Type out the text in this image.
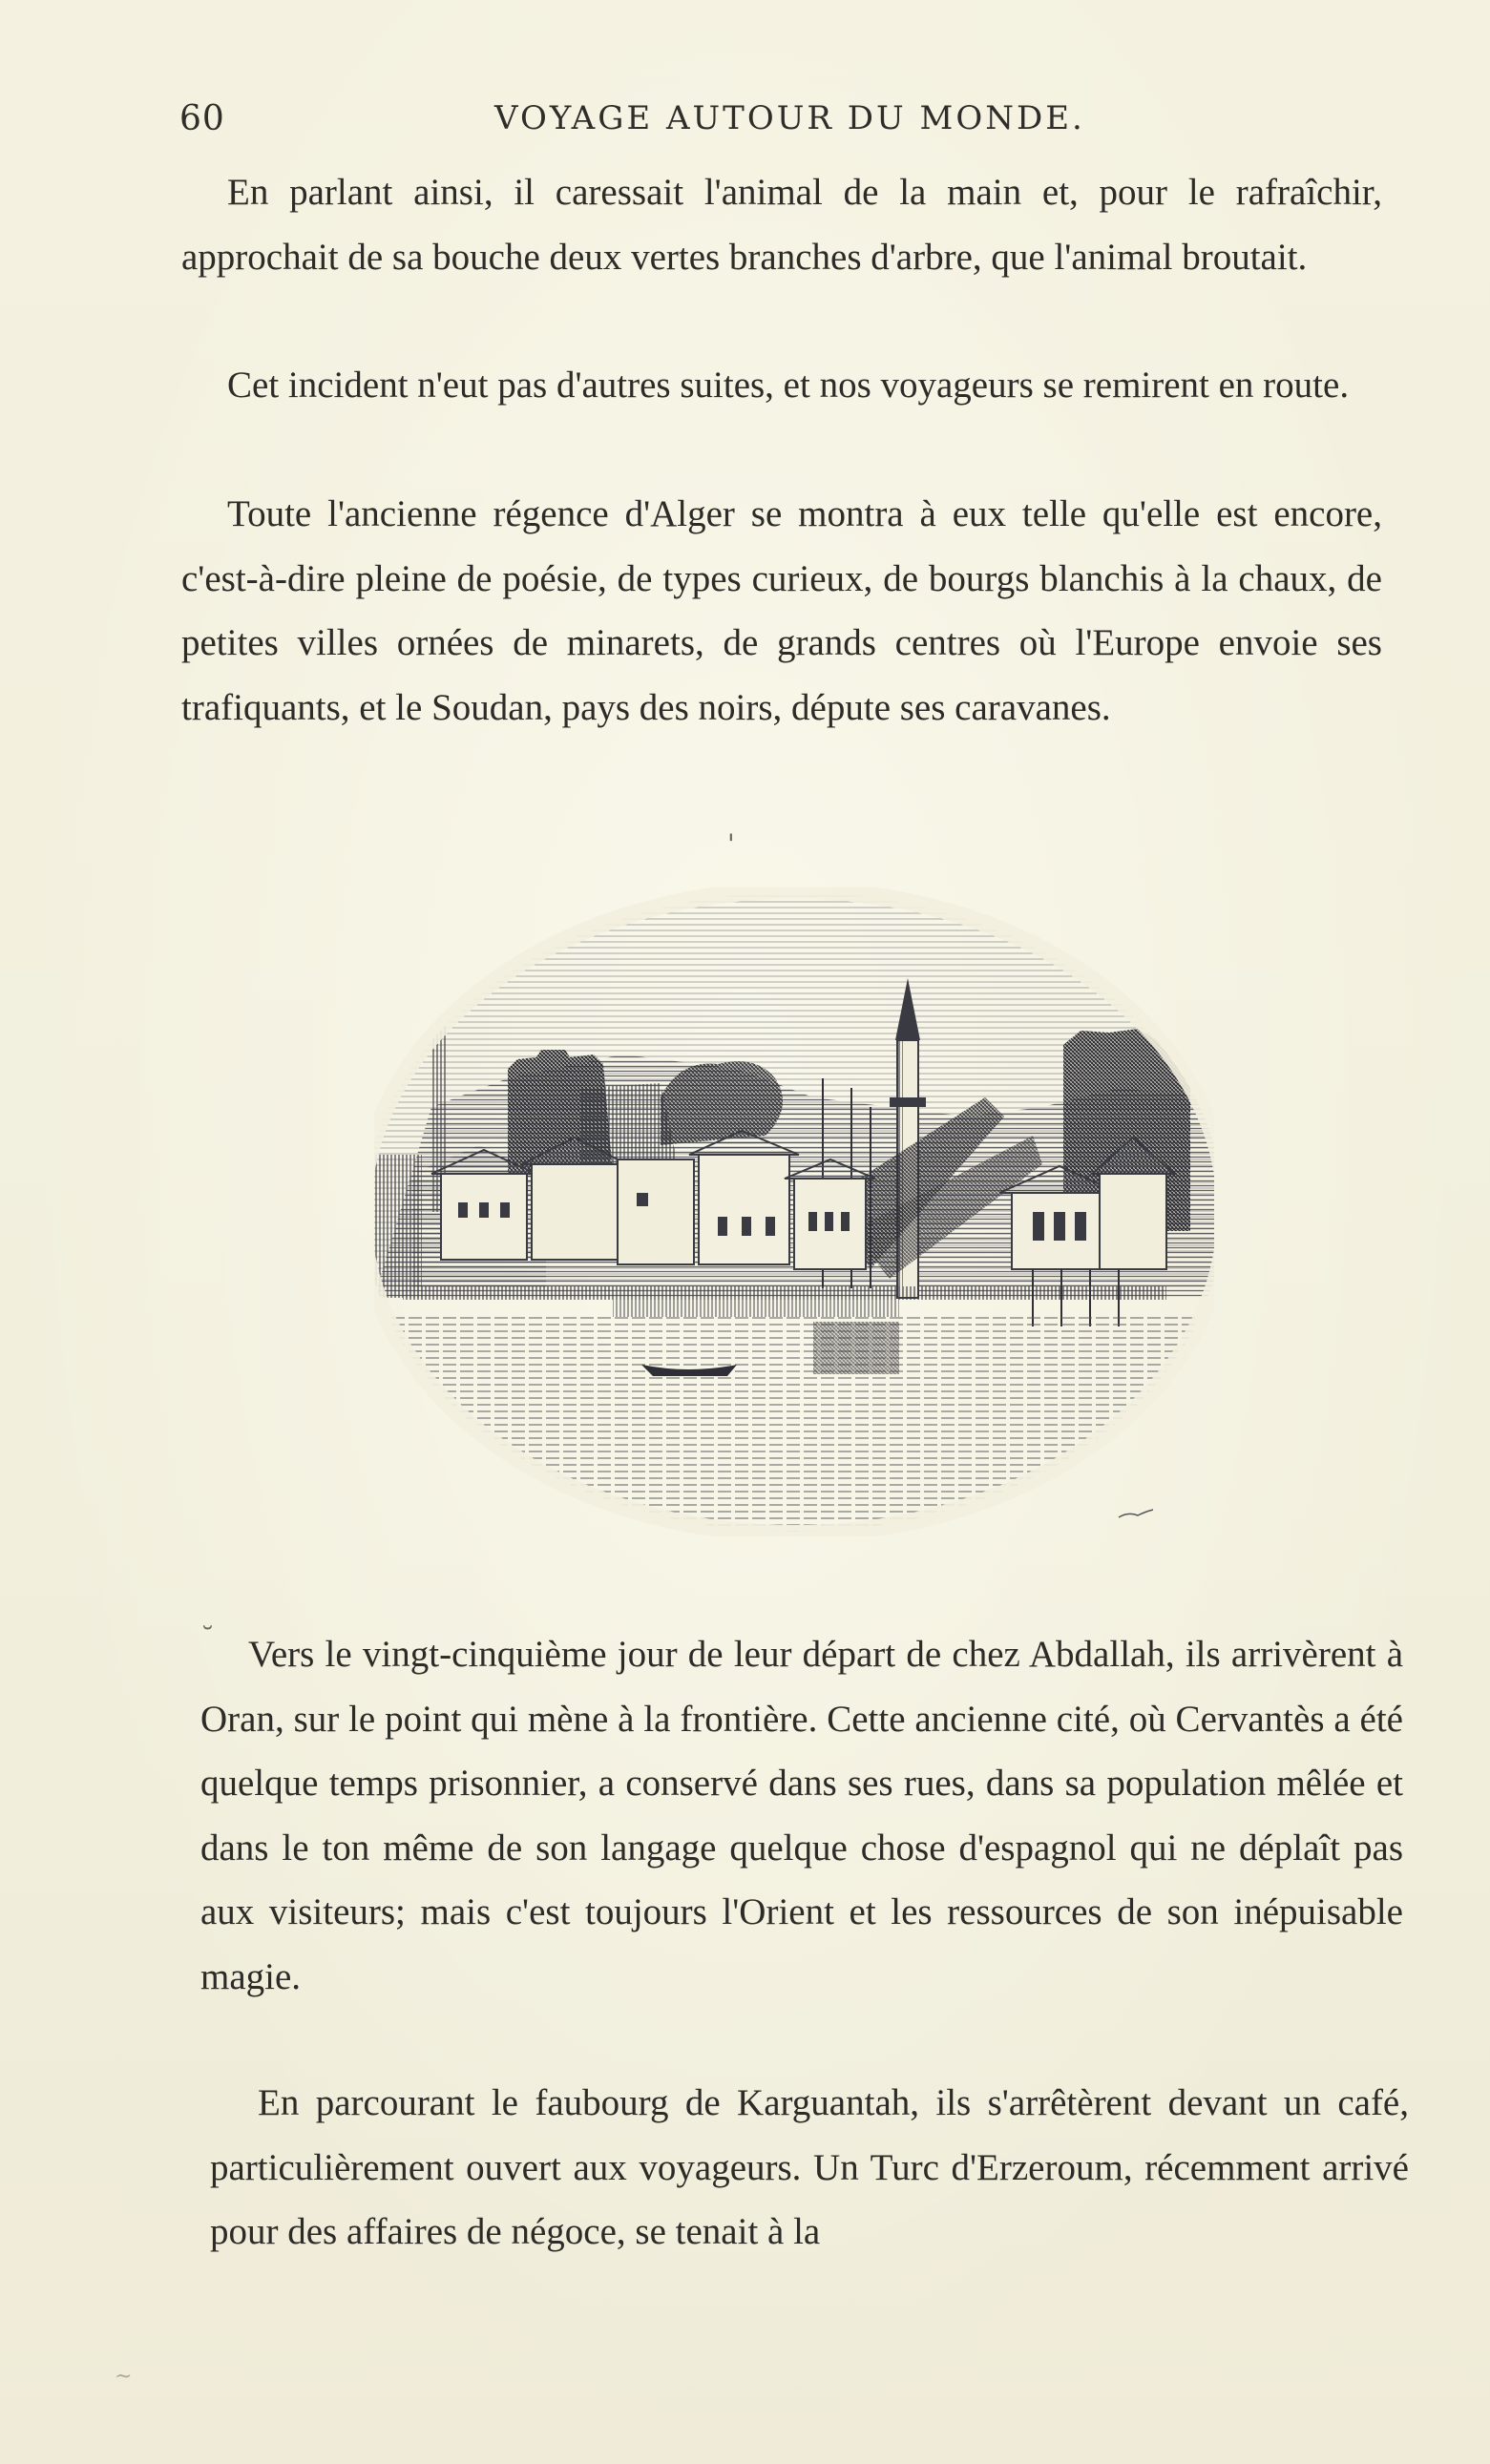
60	VOYAGE AUTOUR DU MONDE.

En parlant ainsi, il caressait l'animal de la main et, pour le rafraîchir, approchait de sa bouche deux vertes branches d'arbre, que l'animal broutait.

Cet incident n'eut pas d'autres suites, et nos voyageurs se remirent en route.

Toute l'ancienne régence d'Alger se montra à eux telle qu'elle est encore, c'est-à-dire pleine de poésie, de types curieux, de bourgs blanchis à la chaux, de petites villes ornées de minarets, de grands centres où l'Europe envoie ses trafiquants, et le Soudan, pays des noirs, députe ses caravanes.

'
˘ Vers le vingt-cinquième jour de leur départ de chez Abdallah, ils arrivèrent à Oran, sur le point qui mène à la frontière. Cette ancienne cité, où Cervantès a été quelque temps prisonnier, a conservé dans ses rues, dans sa population mêlée et dans le ton même de son langage quelque chose d'espagnol qui ne déplaît pas aux visiteurs; mais c'est toujours l'Orient et les ressources de son inépuisable magie.

En parcourant le faubourg de Karguantah, ils s'arrêtèrent devant un café, particulièrement ouvert aux voyageurs. Un Turc d'Erzeroum, récemment arrivé pour des affaires de négoce, se tenait à la

~
